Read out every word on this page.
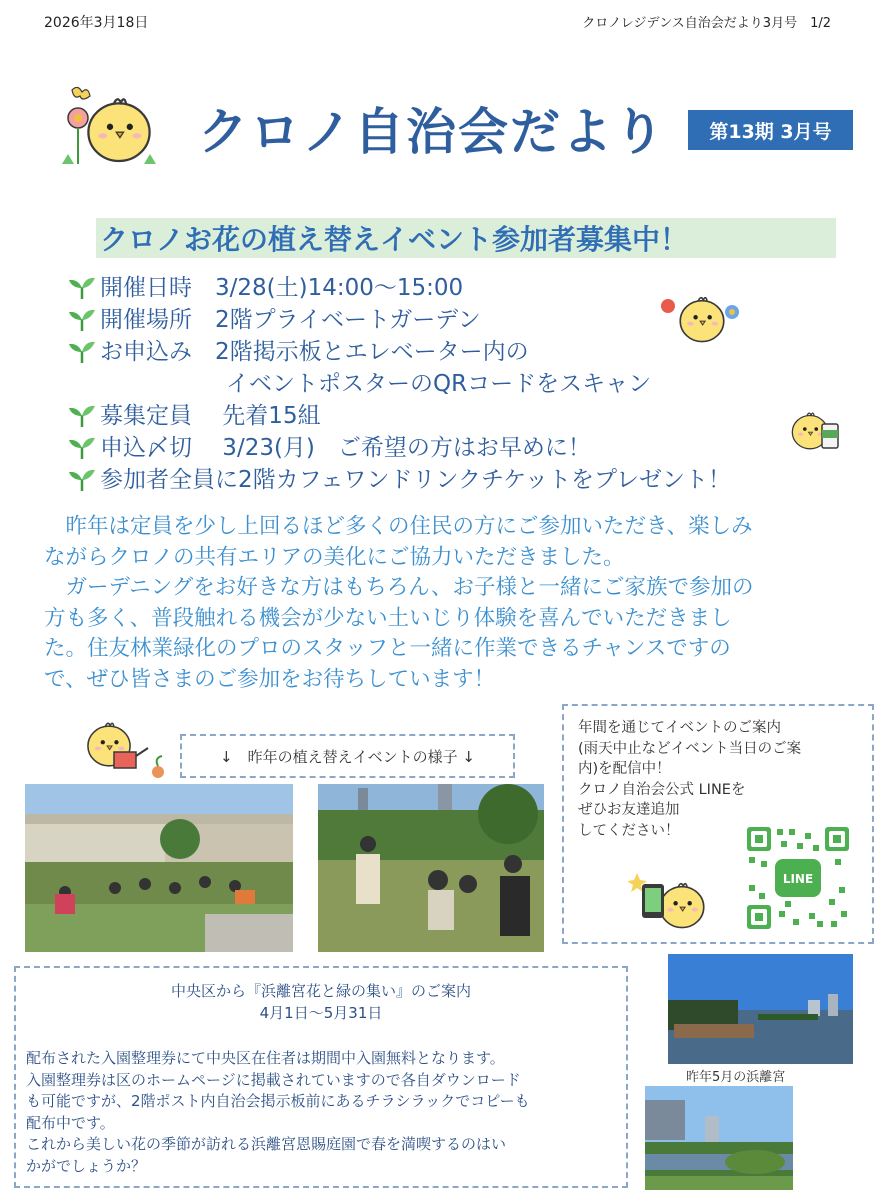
2026年3月18日	クロノレジデンス自治会だより3月号　1/2
クロノ自治会だより	第13期 3月号
クロノお花の植え替えイベント参加者募集中！
開催日時　3/28(土)14:00～15:00
開催場所　2階プライベートガーデン
お申込み　2階掲示板とエレベーター内の
イベントポスターのQRコードをスキャン
募集定員　 先着15組
申込〆切　 3/23(月)　ご希望の方はお早めに！
参加者全員に2階カフェワンドリンクチケットをプレゼント！

　昨年は定員を少し上回るほど多くの住民の方にご参加いただき、楽しみ

ながらクロノの共有エリアの美化にご協力いただきました。

　ガーデニングをお好きな方はもちろん、お子様と一緒にご家族で参加の

方も多く、普段触れる機会が少ない土いじり体験を喜んでいただきまし

た。住友林業緑化のプロのスタッフと一緒に作業できるチャンスですの

で、ぜひ皆さまのご参加をお待ちしています！

↓　昨年の植え替えイベントの様子 ↓
年間を通じてイベントのご案内
(雨天中止などイベント当日のご案
内)を配信中！
クロノ自治会公式 LINEを
ぜひお友達追加
してください！
LINE
中央区から『浜離宮花と緑の集い』のご案内
4月1日～5月31日
配布された入園整理券にて中央区在住者は期間中入園無料となります。
入園整理券は区のホームページに掲載されていますので各自ダウンロード
も可能ですが、2階ポスト内自治会掲示板前にあるチラシラックでコピーも
配布中です。
これから美しい花の季節が訪れる浜離宮恩賜庭園で春を満喫するのはい
かがでしょうか？
昨年5月の浜離宮
